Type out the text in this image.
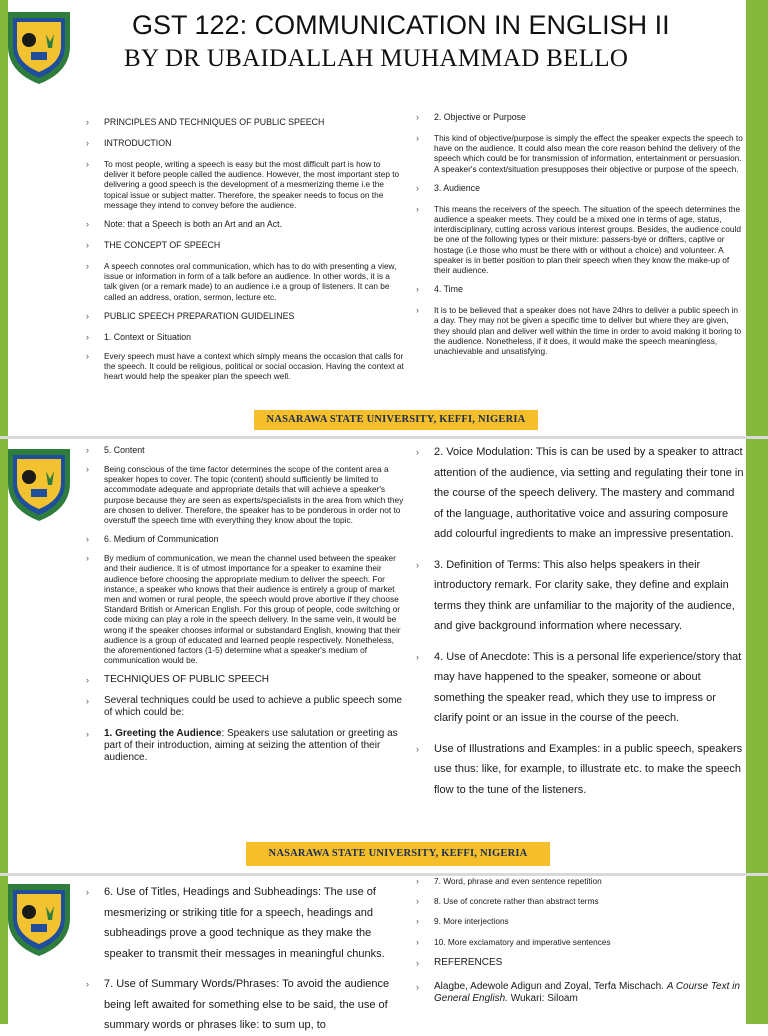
GST 122: COMMUNICATION IN ENGLISH II
BY DR UBAIDALLAH MUHAMMAD BELLO
› PRINCIPLES AND TECHNIQUES OF PUBLIC SPEECH
› INTRODUCTION
› To most people, writing a speech is easy but the most difficult part is how to deliver it before people called the audience. However, the most important step to delivering a good speech is the development of a mesmerizing theme i.e the topical issue or subject matter. Therefore, the speaker needs to focus on the message they intend to convey before the audience.
› Note: that a Speech is both an Art and an Act.
› THE CONCEPT OF SPEECH
› A speech connotes oral communication, which has to do with presenting a view, issue or information in form of a talk before an audience. In other words, it is a talk given (or a remark made) to an audience i.e a group of listeners. It can be called an address, oration, sermon, lecture etc.
› PUBLIC SPEECH PREPARATION GUIDELINES
› 1. Context or Situation
› Every speech must have a context which simply means the occasion that calls for the speech. It could be religious, political or social occasion. Having the context at heart would help the speaker plan the speech well.
› 2. Objective or Purpose
› This kind of objective/purpose is simply the effect the speaker expects the speech to have on the audience. It could also mean the core reason behind the delivery of the speech which could be for transmission of information, entertainment or persuasion. A speaker's context/situation presupposes their objective or purpose of the speech.
› 3. Audience
› This means the receivers of the speech. The situation of the speech determines the audience a speaker meets. They could be a mixed one in terms of age, status, interdisciplinary, cutting across various interest groups. Besides, the audience could be one of the following types or their mixture: passers-bye or drifters, captive or hostage (i.e those who must be there with or without a choice) and volunteer. A speaker is in better position to plan their speech when they know the make-up of their audience.
› 4. Time
› It is to be believed that a speaker does not have 24hrs to deliver a public speech in a day. They may not be given a specific time to deliver but where they are given, they should plan and deliver well within the time in order to avoid making it boring to the audience. Nonetheless, if it does, it would make the speech meaningless, unachievable and unsatisfying.
NASARAWA STATE UNIVERSITY, KEFFI, NIGERIA
› 5. Content
› Being conscious of the time factor determines the scope of the content area a speaker hopes to cover. The topic (content) should sufficiently be limited to accommodate adequate and appropriate details that will achieve a speaker's purpose because they are seen as experts/specialists in the area from which they are chosen to deliver. Therefore, the speaker has to be ponderous in order not to overstuff the speech time with everything they know about the topic.
› 6. Medium of Communication
› By medium of communication, we mean the channel used between the speaker and their audience. It is of utmost importance for a speaker to examine their audience before choosing the appropriate medium to deliver the speech. For instance, a speaker who knows that their audience is entirely a group of market men and women or rural people, the speech would prove abortive if they choose Standard British or American English. For this group of people, code switching or code mixing can play a role in the speech delivery. In the same vein, it would be wrong if the speaker chooses informal or substandard English, knowing that their audience is a group of educated and learned people respectively. Nonetheless, the aforementioned factors (1-5) determine what a speaker's medium of communication would be.
› TECHNIQUES OF PUBLIC SPEECH
› Several techniques could be used to achieve a public speech some of which could be:
› 1. Greeting the Audience: Speakers use salutation or greeting as part of their introduction, aiming at seizing the attention of their audience.
› 2. Voice Modulation: This is can be used by a speaker to attract attention of the audience, via setting and regulating their tone in the course of the speech delivery. The mastery and command of the language, authoritative voice and assuring composure add colourful ingredients to make an impressive presentation.
› 3. Definition of Terms: This also helps speakers in their introductory remark. For clarity sake, they define and explain terms they think are unfamiliar to the majority of the audience, and give background information where necessary.
› 4. Use of Anecdote: This is a personal life experience/story that may have happened to the speaker, someone or about something the speaker read, which they use to impress or clarify point or an issue in the course of the peech.
› Use of Illustrations and Examples: in a public speech, speakers use thus: like, for example, to illustrate etc. to make the speech flow to the tune of the listeners.
NASARAWA STATE UNIVERSITY, KEFFI, NIGERIA
› 6. Use of Titles, Headings and Subheadings: The use of mesmerizing or striking title for a speech, headings and subheadings prove a good technique as they make the speaker to transmit their messages in meaningful chunks.
› 7. Use of Summary Words/Phrases: To avoid the audience being left awaited for something else to be said, the use of summary words or phrases like: to sum up, to
› 7. Word, phrase and even sentence repetition
› 8. Use of concrete rather than abstract terms
› 9. More interjections
› 10. More exclamatory and imperative sentences
› REFERENCES
› Alagbe, Adewole Adigun and Zoyal, Terfa Mischach. A Course Text in General English. Wukari: Siloam
